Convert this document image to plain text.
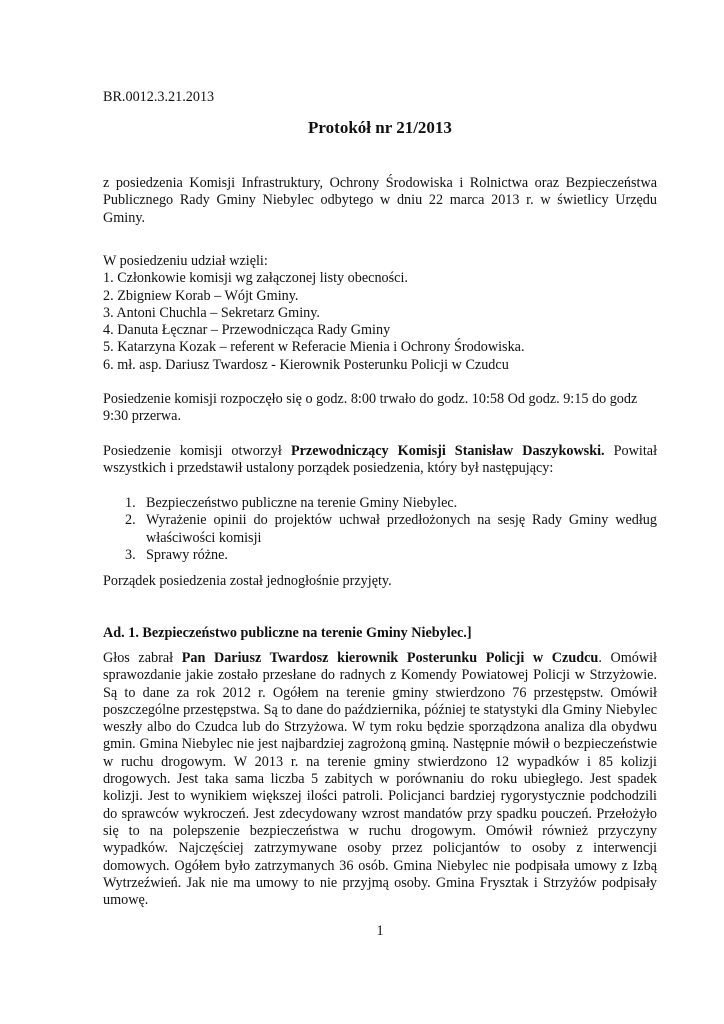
BR.0012.3.21.2013
Protokół nr 21/2013
z posiedzenia Komisji Infrastruktury, Ochrony Środowiska i Rolnictwa oraz Bezpieczeństwa Publicznego Rady Gminy Niebylec odbytego w dniu 22 marca 2013 r. w świetlicy Urzędu Gminy.
W posiedzeniu udział wzięli:
1. Członkowie komisji wg załączonej listy obecności.
2. Zbigniew Korab – Wójt Gminy.
3. Antoni Chuchla – Sekretarz Gminy.
4. Danuta Łęcznar – Przewodnicząca Rady Gminy
5. Katarzyna Kozak – referent w Referacie Mienia i Ochrony Środowiska.
6. mł. asp. Dariusz Twardosz - Kierownik Posterunku Policji w Czudcu
Posiedzenie komisji rozpoczęło się o godz. 8:00 trwało do godz. 10:58 Od godz. 9:15 do godz 9:30 przerwa.
Posiedzenie komisji otworzył Przewodniczący Komisji Stanisław Daszykowski. Powitał wszystkich i przedstawił ustalony porządek posiedzenia, który był następujący:
1. Bezpieczeństwo publiczne na terenie Gminy Niebylec.
2. Wyrażenie opinii do projektów uchwał przedłożonych na sesję Rady Gminy według właściwości komisji
3. Sprawy różne.
Porządek posiedzenia został jednogłośnie przyjęty.
Ad. 1. Bezpieczeństwo publiczne na terenie Gminy Niebylec.]
Głos zabrał Pan Dariusz Twardosz kierownik Posterunku Policji w Czudcu. Omówił sprawozdanie jakie zostało przesłane do radnych z Komendy Powiatowej Policji w Strzyżowie. Są to dane za rok 2012 r. Ogółem na terenie gminy stwierdzono 76 przestępstw. Omówił poszczególne przestępstwa. Są to dane do października, później te statystyki dla Gminy Niebylec weszły albo do Czudca lub do Strzyżowa. W tym roku będzie sporządzona analiza dla obydwu gmin. Gmina Niebylec nie jest najbardziej zagrożoną gminą. Następnie mówił o bezpieczeństwie w ruchu drogowym. W 2013 r. na terenie gminy stwierdzono 12 wypadków i 85 kolizji drogowych. Jest taka sama liczba 5 zabitych w porównaniu do roku ubiegłego. Jest spadek kolizji. Jest to wynikiem większej ilości patroli. Policjanci bardziej rygorystycznie podchodzili do sprawców wykroczeń. Jest zdecydowany wzrost mandatów przy spadku pouczeń. Przełożyło się to na polepszenie bezpieczeństwa w ruchu drogowym. Omówił również przyczyny wypadków. Najczęściej zatrzymywane osoby przez policjantów to osoby z interwencji domowych. Ogółem było zatrzymanych 36 osób. Gmina Niebylec nie podpisała umowy z Izbą Wytrzeźwień. Jak nie ma umowy to nie przyjmą osoby. Gmina Frysztak i Strzyżów podpisały umowę.
1
